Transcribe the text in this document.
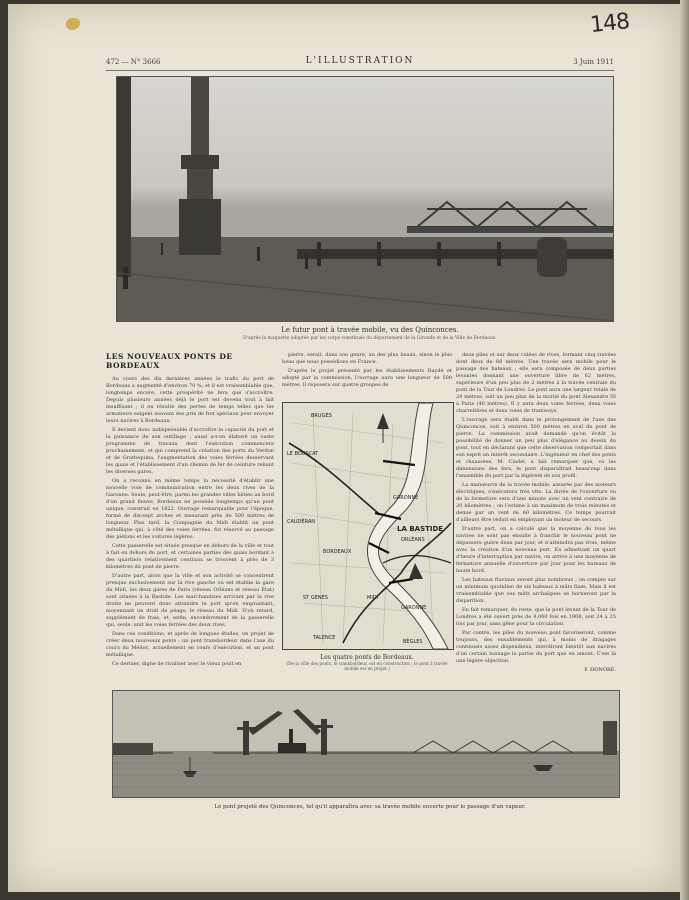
148
472 — N° 3666	L'ILLUSTRATION	3 Juin 1911
Le futur pont à travée mobile, vu des Quinconces.
D'après la maquette adoptée par les corps constitués du département de la Gironde et de la Ville de Bordeaux.
LES NOUVEAUX PONTS DE BORDEAUX

Au cours des dix dernières années le trafic du port de Bordeaux a augmenté d'environ 70 %, et il est vraisemblable que, longtemps encore, cette prospérité ne fera que s'accroître. Depuis plusieurs années déjà le port est devenu tout à fait insuffisant ; il en résulte des pertes de temps telles que les armateurs exigent souvent des prix de fret spéciaux pour envoyer leurs navires à Bordeaux.

Il devient donc indispensable d'accroître la capacité du port et la puissance de son outillage ; aussi a-t-on élaboré un vaste programme de travaux dont l'exécution commencera prochainement, et qui comprend la création des ports du Verdon et de Grattequina, l'augmentation des voies ferrées desservant les quais et l'établissement d'un chemin de fer de ceinture reliant les diverses gares.

On a reconnu en même temps la nécessité d'établir une nouvelle voie de communication entre les deux rives de la Garonne. Seule, peut-être, parmi les grandes villes bâties au bord d'un grand fleuve, Bordeaux ne possède longtemps qu'un pont unique, construit en 1822. Ouvrage remarquable pour l'époque, formé de dix-sept arches et mesurant près de 500 mètres de longueur. Plus tard, la Compagnie du Midi établit un pont métallique qui, à côté des voies ferrées, fut réservé au passage des piétons et les voitures légères.

Cette passerelle est située presque en dehors de la ville et tout à fait en dehors du port, et certaines parties des quais bordant à des quartiers relativement centraux se trouvent à près de 3 kilomètres du pont de pierre.

D'autre part, alors que la ville et son activité se concentrent presque exclusivement sur la rive gauche où est établie la gare du Midi, les deux gares de Paris (réseau Orléans et réseau État) sont situées à la Bastide. Les marchandises arrivant par la rive droite ne peuvent donc atteindre le port qu'en empruntant, moyennant un droit de péage, le réseau du Midi. D'où retard, supplément de frais, et, enfin, encombrement de la passerelle qui, seule, unit les voies ferrées des deux rives.

Dans ces conditions, et après de longues études, un projet de créer deux nouveaux ponts : un pont transbordeur dans l'axe du cours du Médoc, actuellement en cours d'exécution, et un pont métallique.

Ce dernier, digne de rivaliser avec le vieux pont en

pierre, serait, dans son genre, un des plus beaux, sinon le plus beau que nous possédions en France.

D'après le projet présenté par les établissements Daydé et adopté par la commission, l'ouvrage aura une longueur de 500 mètres. Il reposera sur quatre groupes de

BRUGES
LE BOUSCAT
CAUDÉRAN
BORDEAUX
LA BASTIDE
ORLÉANS
GARONNE
GARONNE
ST GENÈS	MIDI
TALENCE
BÈGLES
Les quatre ponts de Bordeaux.
(De la ville des ponts, le transbordeur, est en construction ; le pont à travée mobile est en projet.)

deux piles et sur deux culées de rives, formant cinq travées dont deux de 88 mètres. Une travée sera mobile pour le passage des bateaux ; elle sera composée de deux parties levantes donnant une ouverture libre de 62 mètres, supérieure d'un peu plus de 2 mètres à la travée centrale du pont de la Tour de Londres. Le pont aura une largeur totale de 24 mètres, soit un peu plus de la moitié du pont Alexandre III à Paris (40 mètres). Il y aura deux voies ferrées, deux voies charretières et deux voies de tramways.

L'ouvrage sera établi dans le prolongement de l'axe des Quinconces, soit à environ 500 mètres en aval du pont de pierre. La commission avait demandé qu'on évitât la possibilité de donner un peu plus d'élégance au dessin du pont, tout en déclarant que cette observation comportait dans son esprit un intérêt secondaire. L'ingénieur en chef des ponts et chaussées, M. Cladel, a fait remarquer que, vu les dimensions des fers, le pont disparaîtrait beaucoup dans l'ensemble du port par la légèreté de son profil.

La manœuvre de la travée mobile, assurée par des moteurs électriques, s'exécutera très vite. La durée de l'ouverture ou de la fermeture sera d'une minute avec un vent contraire de 20 kilomètres ; on l'estime à un maximum de trois minutes et demie par un vent de 60 kilomètres. Ce temps pourrait d'ailleurs être réduit en employant un moteur de secours.

D'autre part, on a calculé que la moyenne de tous les navires ne sont pas ensuite à franchir le nouveau pont ne dépassera guère deux par jour, et n'atteindra pas trois, même avec la création d'un nouveau port. En admettant un quart d'heure d'interruption par navire, on arrive à une moyenne de fermeture annuelle d'ouverture par jour pour les bateaux de haute bord.

Les bateaux fluviaux seront plus nombreux ; on compte sur un minimum quotidien de six bateaux à mâts fixes. Mais il est vraisemblable que ces mâts archaïques se borneront par la disparition.

En fait remarquer, du reste, que le pont levant de la Tour de Londres a été ouvert près de 9.000 fois en 1908, soit 24 à 25 fois par jour, sans gêne pour la circulation.

Par contre, les piles du nouveau pont favoriseront, comme toujours, des ensablements qui, à moins de dragages continuels assez dispendieux, interdiront bientôt aux navires d'un certain tonnage la partie du port que en amont. C'est là une légère objection.

F. HONORÉ.
Le pont projeté des Quinconces, tel qu'il apparaîtra avec sa travée mobile ouverte pour le passage d'un vapeur.
